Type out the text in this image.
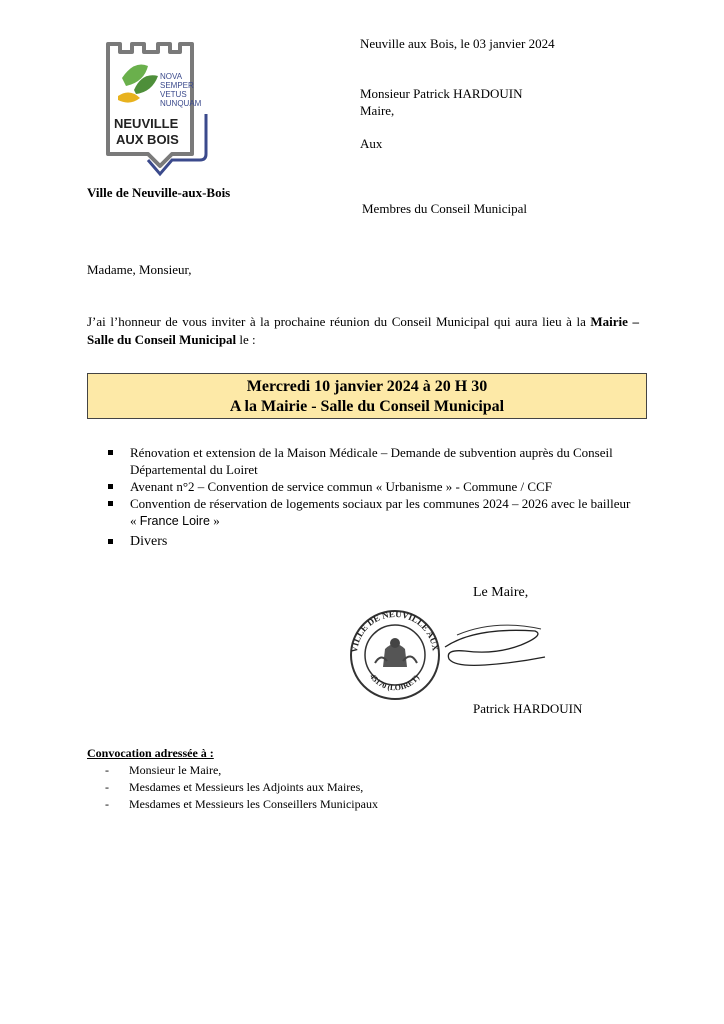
NOVA
SEMPER
VETUS
NUNQUAM
NEUVILLE
AUX BOIS
Ville de Neuville-aux-Bois
Neuville aux Bois, le 03 janvier 2024
Monsieur Patrick HARDOUIN
Maire,
Aux
Membres du Conseil Municipal
Madame, Monsieur,
J’ai l’honneur de vous inviter à la prochaine réunion du Conseil Municipal qui aura lieu à la Mairie – Salle du Conseil Municipal le :
Mercredi 10 janvier 2024 à 20 H 30
A la Mairie - Salle du Conseil Municipal
Rénovation et extension de la Maison Médicale – Demande de subvention auprès du Conseil Départemental du Loiret
Avenant n°2 – Convention de service commun « Urbanisme » - Commune / CCF
Convention de réservation de logements sociaux par les communes 2024 – 2026 avec le bailleur « France Loire »
Divers
Le Maire,
VILLE DE NEUVILLE AUX
45170 (LOIRET)
Patrick HARDOUIN
Convocation adressée à :
- Monsieur le Maire,
- Mesdames et Messieurs les Adjoints aux Maires,
- Mesdames et Messieurs les Conseillers Municipaux
